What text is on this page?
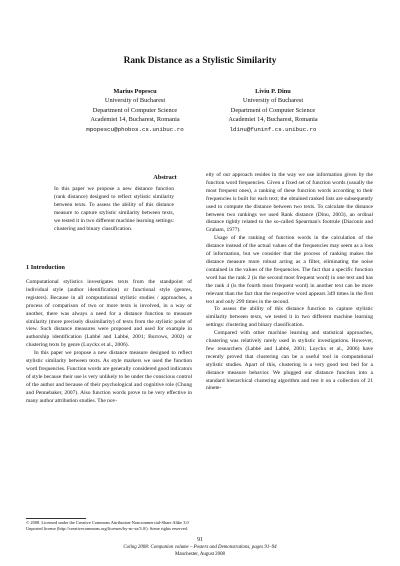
Rank Distance as a Stylistic Similarity
Marius Popescu
University of Bucharest
Department of Computer Science
Academiei 14, Bucharest, Romania
mpopescu@phobos.cs.unibuc.ro
Liviu P. Dinu
University of Bucharest
Department of Computer Science
Academiei 14, Bucharest, Romania
ldinu@funinf.cs.unibuc.ro
Abstract
In this paper we propose a new distance function (rank distance) designed to reflect stylistic similarity between texts. To assess the ability of this distance measure to capture stylistic similarity between texts, we tested it in two different machine learning settings: clustering and binary classification.
1 Introduction

Computational stylistics investigates texts from the standpoint of individual style (author identification) or functional style (genres, registers). Because in all computational stylistic studies / approaches, a process of comparison of two or more texts is involved, in a way or another, there was always a need for a distance function to measure similarity (more precisely dissimilarity) of texts from the stylistic point of view. Such distance measures were proposed and used for example in authorship identification (Labbé and Labbé, 2001; Burrows, 2002) or clustering texts by genre (Luyckx et al., 2006).

In this paper we propose a new distance measure designed to reflect stylistic similarity between texts. As style markers we used the function word frequencies. Function words are generally considered good indicators of style because their use is very unlikely to be under the conscious control of the author and because of their psychological and cognitive role (Chung and Pennebaker, 2007). Also function words prove to be very effective in many author attribution studies. The nov-

elty of our approach resides in the way we use information given by the function word frequencies. Given a fixed set of function words (usually the most frequent ones), a ranking of these function words according to their frequencies is built for each text; the obtained ranked lists are subsequently used to compute the distance between two texts. To calculate the distance between two rankings we used Rank distance (Dinu, 2003), an ordinal distance tightly related to the so-called Spearman's footrule (Diaconis and Graham, 1977).

Usage of the ranking of function words in the calculation of the distance instead of the actual values of the frequencies may seem as a loss of information, but we consider that the process of ranking makes the distance measure more robust acting as a filter, eliminating the noise contained in the values of the frequencies. The fact that a specific function word has the rank 2 (is the second most frequent word) in one text and has the rank 4 (is the fourth most frequent word) in another text can be more relevant than the fact that the respective word appears 349 times in the first text and only 299 times in the second.

To assess the ability of this distance function to capture stylistic similarity between texts, we tested it in two different machine learning settings: clustering and binary classification.

Compared with other machine learning and statistical approaches, clustering was relatively rarely used in stylistic investigations. However, few researchers (Labbé and Labbé, 2001; Luyckx et al., 2006) have recently proved that clustering can be a useful tool in computational stylistic studies. Apart of this, clustering is a very good test bed for a distance measure behavior. We plugged our distance function into a standard hierarchical clustering algorithm and test it on a collection of 21 ninete-

© 2008. Licensed under the Creative Commons Attribution-Noncommercial-Share Alike 3.0 Unported license (http://creativecommons.org/licenses/by-nc-sa/3.0/). Some rights reserved.
91
Coling 2008: Companion volume – Posters and Demonstrations, pages 91–94
Manchester, August 2008
